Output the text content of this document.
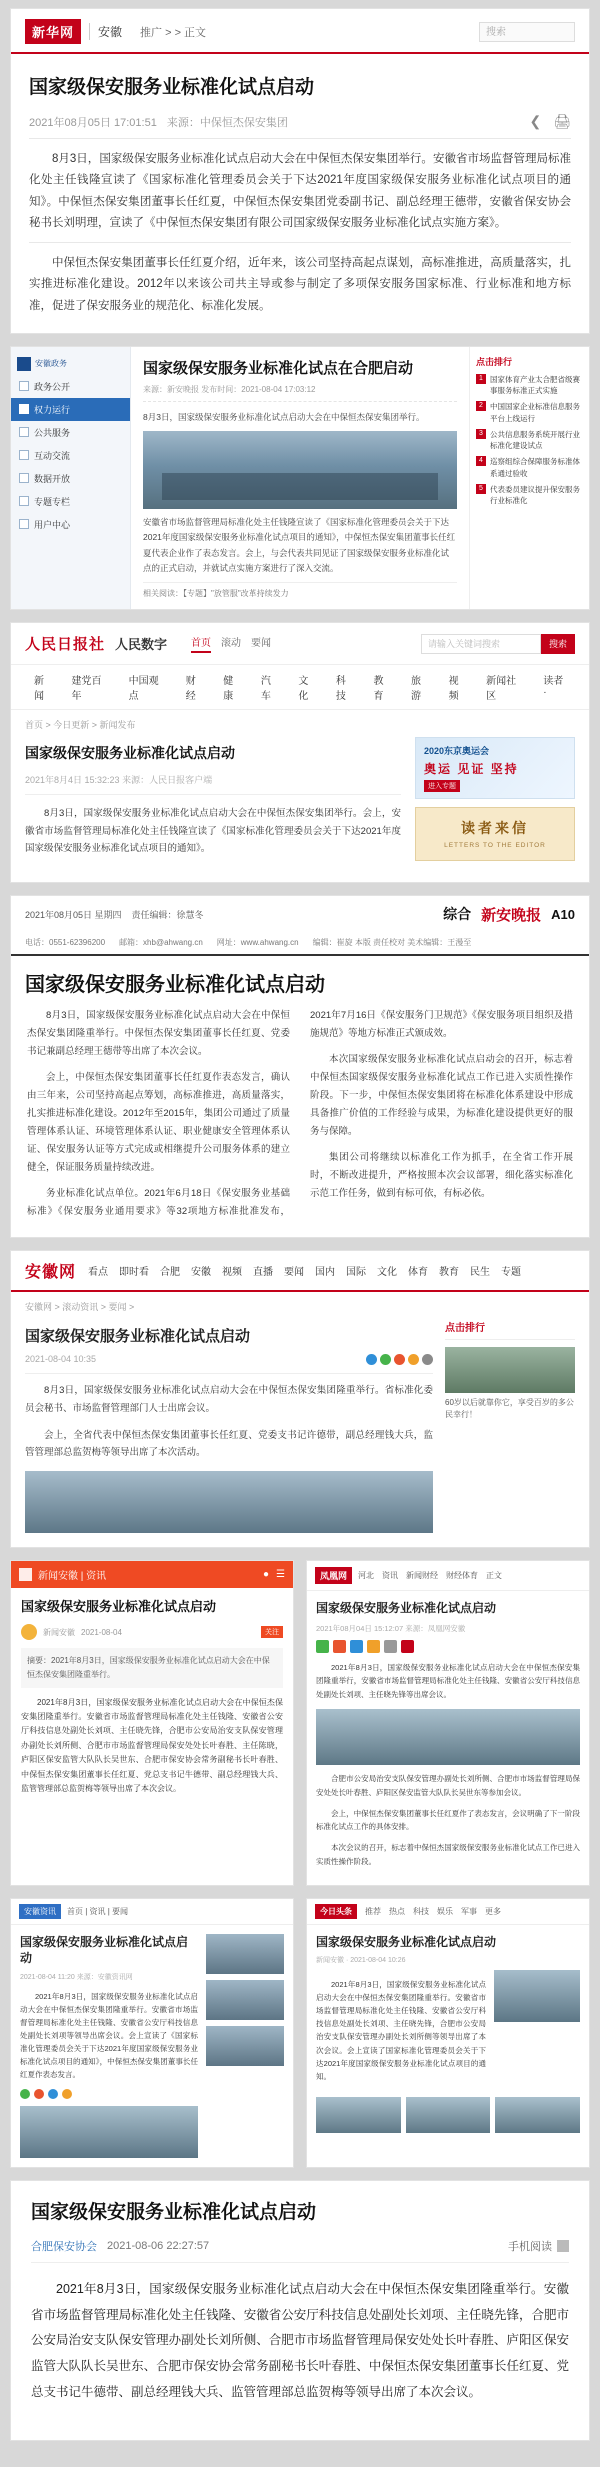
新华网	安徽 推广 > > 正文	搜索
国家级保安服务业标准化试点启动
2021年08月05日 17:01:51 来源：中保恒杰保安集团	❮ 🖨

8月3日，国家级保安服务业标准化试点启动大会在中保恒杰保安集团举行。安徽省市场监督管理局标准化处主任钱隆宣读了《国家标准化管理委员会关于下达2021年度国家级保安服务业标准化试点项目的通知》。中保恒杰保安集团董事长任红夏，中保恒杰保安集团党委副书记、副总经理王德带，安徽省保安协会秘书长刘明理，宣读了《中保恒杰保安集团有限公司国家级保安服务业标准化试点实施方案》。

中保恒杰保安集团董事长任红夏介绍，近年来，该公司坚持高起点谋划，高标准推进，高质量落实，扎实推进标准化建设。2012年以来该公司共主导或参与制定了多项保安服务国家标准、行业标准和地方标准，促进了保安服务业的规范化、标准化发展。

安徽政务
政务公开
权力运行
公共服务
互动交流
数据开放
专题专栏
用户中心
国家级保安服务业标准化试点在合肥启动
来源：新安晚报 发布时间：2021-08-04 17:03:12
8月3日，国家级保安服务业标准化试点启动大会在中保恒杰保安集团举行。
安徽省市场监督管理局标准化处主任钱隆宣读了《国家标准化管理委员会关于下达2021年度国家级保安服务业标准化试点项目的通知》，中保恒杰保安集团董事长任红夏代表企业作了表态发言。会上，与会代表共同见证了国家级保安服务业标准化试点的正式启动，并就试点实施方案进行了深入交流。
相关阅读：【专题】"放管服"改革持续发力
点击排行
1 国家体育产业太合肥省级赛事服务标准正式实施
2 中国国家企业标准信息服务平台上线运行
3 公共信息服务系统开展行业标准化建设试点
4 巡察组综合保障服务标准体系通过验收
5 代表委员建议提升保安服务行业标准化
人民日报社 人民数字 首页 滚动 要闻	请输入关键词搜索	搜索
新闻
建党百年
中国观点
财经
健康
汽车
文化
科技
教育
旅游
视频
新闻社区
读者·
首页 > 今日更新 > 新闻发布
国家级保安服务业标准化试点启动
2021年8月4日 15:32:23 来源：人民日报客户端

8月3日，国家级保安服务业标准化试点启动大会在中保恒杰保安集团举行。会上，安徽省市场监督管理局标准化处主任钱隆宣读了《国家标准化管理委员会关于下达2021年度国家级保安服务业标准化试点项目的通知》。

2020东京奥运会
奥运 见证 坚持
进入专题
读者来信
LETTERS TO THE EDITOR
2021年08月05日 星期四 责任编辑：徐慧冬	综合 新安晚报 A10
电话：0551-62396200 邮箱：xhb@ahwang.cn 网址：www.ahwang.cn 编辑：崔旋 本版 责任校对 美术编辑：王漫至
国家级保安服务业标准化试点启动

8月3日，国家级保安服务业标准化试点启动大会在中保恒杰保安集团隆重举行。中保恒杰保安集团董事长任红夏、党委书记兼副总经理王德带等出席了本次会议。

会上，中保恒杰保安集团董事长任红夏作表态发言，确认由三年来，公司坚持高起点筹划，高标准推进，高质量落实，扎实推进标准化建设。2012年至2015年，集团公司通过了质量管理体系认证、环境管理体系认证、职业健康安全管理体系认证、保安服务认证等方式完成或相继提升公司服务体系的建立健全，保证服务质量持续改进。

务业标准化试点单位。2021年6月18日《保安服务业基础标准》《保安服务业通用要求》等32项地方标准批准发布，2021年7月16日《保安服务门卫规范》《保安服务项目组织及措施规范》等地方标准正式颁成效。

本次国家级保安服务业标准化试点启动会的召开，标志着中保恒杰国家级保安服务业标准化试点工作已进入实质性操作阶段。下一步，中保恒杰保安集团将在标准化体系建设中形成具备推广价值的工作经验与成果，为标准化建设提供更好的服务与保障。

集团公司将继续以标准化工作为抓手，在全省工作开展时，不断改进提升，严格按照本次会议部署，细化落实标准化示范工作任务，做到有标可依，有标必依。

安徽网 看点 即时看 合肥 安徽 视频 直播 要闻 国内 国际 文化 体育 教育 民生 专题
安徽网 > 滚动资讯 > 要闻 >
国家级保安服务业标准化试点启动
2021-08-04 10:35

8月3日，国家级保安服务业标准化试点启动大会在中保恒杰保安集团隆重举行。省标准化委员会秘书、市场监督管理部门人士出席会议。

会上，全省代表中保恒杰保安集团董事长任红夏、党委支书记许德带，副总经理钱大兵，监管管理部总监贺梅等领导出席了本次活动。

点击排行
60岁以后就靠你它，享受百岁的多公民幸行！
新闻安徽 | 资讯	● ☰
国家级保安服务业标准化试点启动
新闻安徽 2021-08-04	关注
摘要：2021年8月3日，国家级保安服务业标准化试点启动大会在中保恒杰保安集团隆重举行。

2021年8月3日，国家级保安服务业标准化试点启动大会在中保恒杰保安集团隆重举行。安徽省市场监督管理局标准化处主任钱隆、安徽省公安厅科技信息处副处长刘项、主任晓先锋，合肥市公安局治安支队保安管理办副处长刘所侧、合肥市市场监督管理局保安处处长叶春胜、主任陈晓，庐阳区保安监管大队队长吴世东、合肥市保安协会常务副秘书长叶春胜、中保恒杰保安集团董事长任红夏、党总支书记牛德带、副总经理钱大兵、监管管理部总监贺梅等领导出席了本次会议。

凤凰网	河北 资讯 新闻财经 财经体育 正文
国家级保安服务业标准化试点启动
2021年08月04日 15:12:07 来源：凤凰网安徽

2021年8月3日，国家级保安服务业标准化试点启动大会在中保恒杰保安集团隆重举行，安徽省市场监督管理局标准化处主任钱隆、安徽省公安厅科技信息处副处长刘项、主任晓先锋等出席会议。

合肥市公安局治安支队保安管理办副处长刘所侧、合肥市市场监督管理局保安处处长叶春胜、庐阳区保安监管大队队长吴世东等参加会议。

会上，中保恒杰保安集团董事长任红夏作了表态发言，会议明确了下一阶段标准化试点工作的具体安排。

本次会议的召开，标志着中保恒杰国家级保安服务业标准化试点工作已进入实质性操作阶段。

安徽资讯	首页 | 资讯 | 要闻
国家级保安服务业标准化试点启动
2021-08-04 11:20 来源：安徽资讯网

2021年8月3日，国家级保安服务业标准化试点启动大会在中保恒杰保安集团隆重举行。安徽省市场监督管理局标准化处主任钱隆、安徽省公安厅科技信息处副处长刘项等领导出席会议。会上宣读了《国家标准化管理委员会关于下达2021年度国家级保安服务业标准化试点项目的通知》，中保恒杰保安集团董事长任红夏作表态发言。

今日头条	推荐 热点 科技 娱乐 军事 更多
国家级保安服务业标准化试点启动
新闻安徽 · 2021-08-04 10:26

2021年8月3日，国家级保安服务业标准化试点启动大会在中保恒杰保安集团隆重举行。安徽省市场监督管理局标准化处主任钱隆、安徽省公安厅科技信息处副处长刘项、主任晓先锋，合肥市公安局治安支队保安管理办副处长刘所侧等领导出席了本次会议。会上宣读了国家标准化管理委员会关于下达2021年度国家级保安服务业标准化试点项目的通知。

国家级保安服务业标准化试点启动
合肥保安协会 2021-08-06 22:27:57	手机阅读

2021年8月3日，国家级保安服务业标准化试点启动大会在中保恒杰保安集团隆重举行。安徽省市场监督管理局标准化处主任钱隆、安徽省公安厅科技信息处副处长刘项、主任晓先锋，合肥市公安局治安支队保安管理办副处长刘所侧、合肥市市场监督管理局保安处处长叶春胜、庐阳区保安监管大队队长吴世东、合肥市保安协会常务副秘书长叶春胜、中保恒杰保安集团董事长任红夏、党总支书记牛德带、副总经理钱大兵、监管管理部总监贺梅等领导出席了本次会议。
